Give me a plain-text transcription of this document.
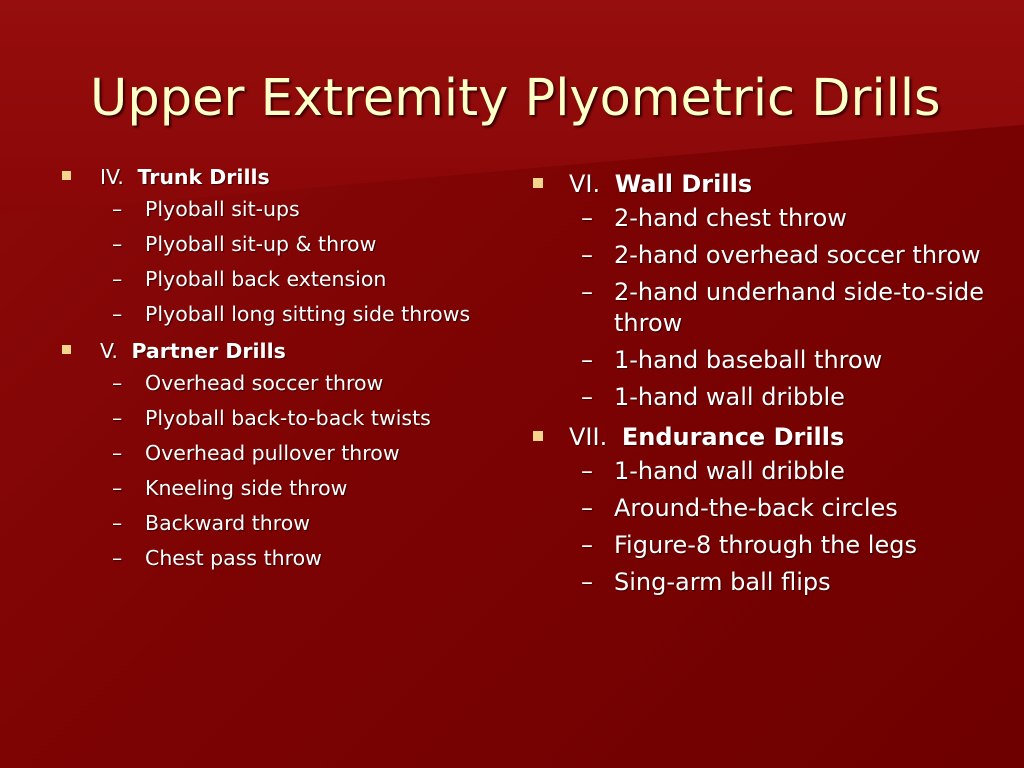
Upper Extremity Plyometric Drills
IV. Trunk Drills
– Plyoball sit-ups
– Plyoball sit-up & throw
– Plyoball back extension
– Plyoball long sitting side throws
V. Partner Drills
– Overhead soccer throw
– Plyoball back-to-back twists
– Overhead pullover throw
– Kneeling side throw
– Backward throw
– Chest pass throw
VI. Wall Drills
– 2-hand chest throw
– 2-hand overhead soccer throw
– 2-hand underhand side-to-side throw
– 1-hand baseball throw
– 1-hand wall dribble
VII. Endurance Drills
– 1-hand wall dribble
– Around-the-back circles
– Figure-8 through the legs
– Sing-arm ball flips
